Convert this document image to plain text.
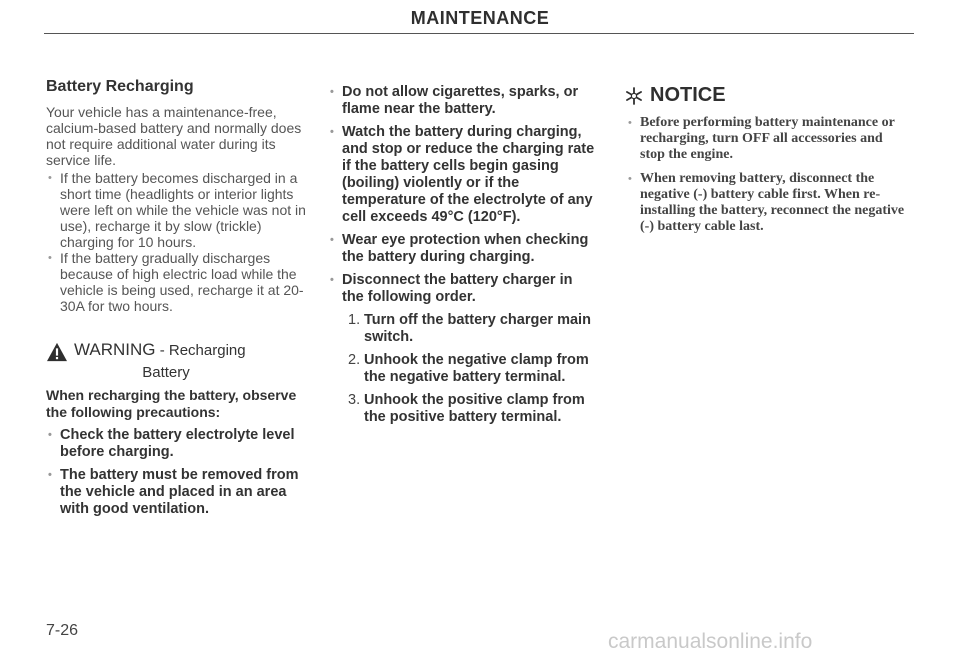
MAINTENANCE
Battery Recharging

Your vehicle has a maintenance-free, calcium-based battery and normally does not require additional water during its service life.

• If the battery becomes discharged in a short time (headlights or interior lights were left on while the vehicle was not in use), recharge it by slow (trickle) charging for 10 hours.
• If the battery gradually discharges because of high electric load while the vehicle is being used, recharge it at 20-30A for two hours.
WARNING - Recharging
Battery
When recharging the battery, observe the following precautions:
• Check the battery electrolyte level before charging.
• The battery must be removed from the vehicle and placed in an area with good ventilation.
• Do not allow cigarettes, sparks, or flame near the battery.
• Watch the battery during charging, and stop or reduce the charging rate if the battery cells begin gasing (boiling) violently or if the temperature of the electrolyte of any cell exceeds 49°C (120°F).
• Wear eye protection when checking the battery during charging.
• Disconnect the battery charger in the following order.
1. Turn off the battery charger main switch.
2. Unhook the negative clamp from the negative battery terminal.
3. Unhook the positive clamp from the positive battery terminal.
NOTICE
• Before performing battery maintenance or recharging, turn OFF all accessories and stop the engine.
• When removing battery, disconnect the negative (-) battery cable first. When re-installing the battery, reconnect the negative (-) battery cable last.
7-26	carmanualsonline.info
